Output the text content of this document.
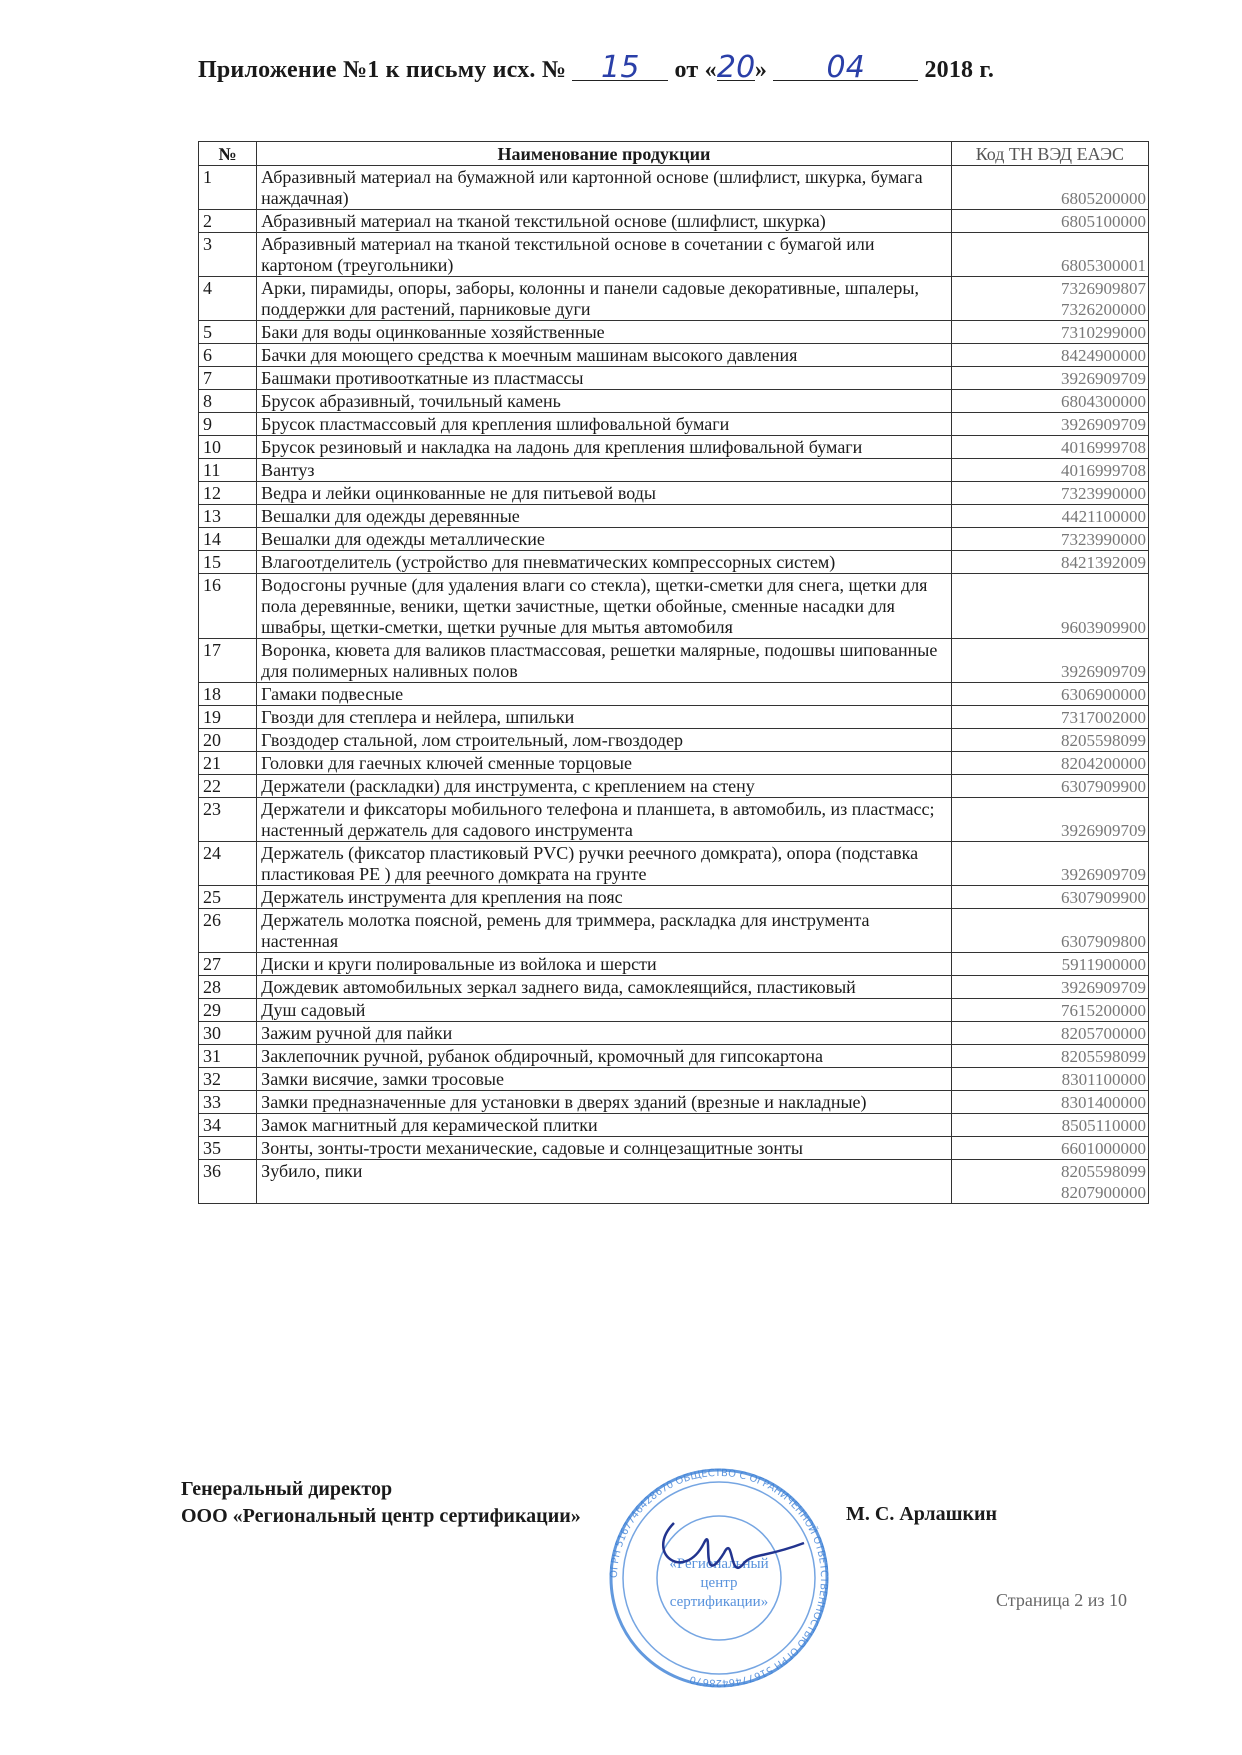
Приложение №1 к письму исх. № 15 от «20» 04 2018 г.
№	Наименование продукции	Код ТН ВЭД ЕАЭС
1	Абразивный материал на бумажной или картонной основе (шлифлист, шкурка, бумага наждачная)	6805200000

2	Абразивный материал на тканой текстильной основе (шлифлист, шкурка)	6805100000

3	Абразивный материал на тканой текстильной основе в сочетании с бумагой или картоном (треугольники)	6805300001

4	Арки, пирамиды, опоры, заборы, колонны и панели садовые декоративные, шпалеры, поддержки для растений, парниковые дуги	7326909807
7326200000

5	Баки для воды оцинкованные хозяйственные	7310299000

6	Бачки для моющего средства к моечным машинам высокого давления	8424900000

7	Башмаки противооткатные из пластмассы	3926909709

8	Брусок абразивный, точильный камень	6804300000

9	Брусок пластмассовый для крепления шлифовальной бумаги	3926909709

10	Брусок резиновый и накладка на ладонь для крепления шлифовальной бумаги	4016999708

11	Вантуз	4016999708

12	Ведра и лейки оцинкованные не для питьевой воды	7323990000

13	Вешалки для одежды деревянные	4421100000

14	Вешалки для одежды металлические	7323990000

15	Влагоотделитель (устройство для пневматических компрессорных систем)	8421392009

16	Водосгоны ручные (для удаления влаги со стекла), щетки-сметки для снега, щетки для пола деревянные, веники, щетки зачистные, щетки обойные, сменные насадки для швабры, щетки-сметки, щетки ручные для мытья автомобиля	9603909900

17	Воронка, кювета для валиков пластмассовая, решетки малярные, подошвы шипованные для полимерных наливных полов	3926909709

18	Гамаки подвесные	6306900000

19	Гвозди для степлера и нейлера, шпильки	7317002000

20	Гвоздодер стальной, лом строительный, лом-гвоздодер	8205598099

21	Головки для гаечных ключей сменные торцовые	8204200000

22	Держатели (раскладки) для инструмента, с креплением на стену	6307909900

23	Держатели и фиксаторы мобильного телефона и планшета, в автомобиль, из пластмасс; настенный держатель для садового инструмента	3926909709

24	Держатель (фиксатор пластиковый PVC) ручки реечного домкрата), опора (подставка пластиковая PE ) для реечного домкрата на грунте	3926909709

25	Держатель инструмента для крепления на пояс	6307909900

26	Держатель молотка поясной, ремень для триммера, раскладка для инструмента настенная	6307909800

27	Диски и круги полировальные из войлока и шерсти	5911900000

28	Дождевик автомобильных зеркал заднего вида, самоклеящийся, пластиковый	3926909709

29	Душ садовый	7615200000

30	Зажим ручной для пайки	8205700000

31	Заклепочник ручной, рубанок обдирочный, кромочный для гипсокартона	8205598099

32	Замки висячие, замки тросовые	8301100000

33	Замки предназначенные для установки в дверях зданий (врезные и накладные)	8301400000

34	Замок магнитный для керамической плитки	8505110000

35	Зонты, зонты-трости механические, садовые и солнцезащитные зонты	6601000000

36	Зубило, пики	8205598099
8207900000
Генеральный директор
ООО «Региональный центр сертификации»	М. С. Арлашкин
ОГРН 5167746428670 ОБЩЕСТВО С ОГРАНИЧЕННОЙ ОТВЕТСТВЕННОСТЬЮ ОГРН 5167746428670
«Региональный
центр
сертификации»	Страница 2 из 10
